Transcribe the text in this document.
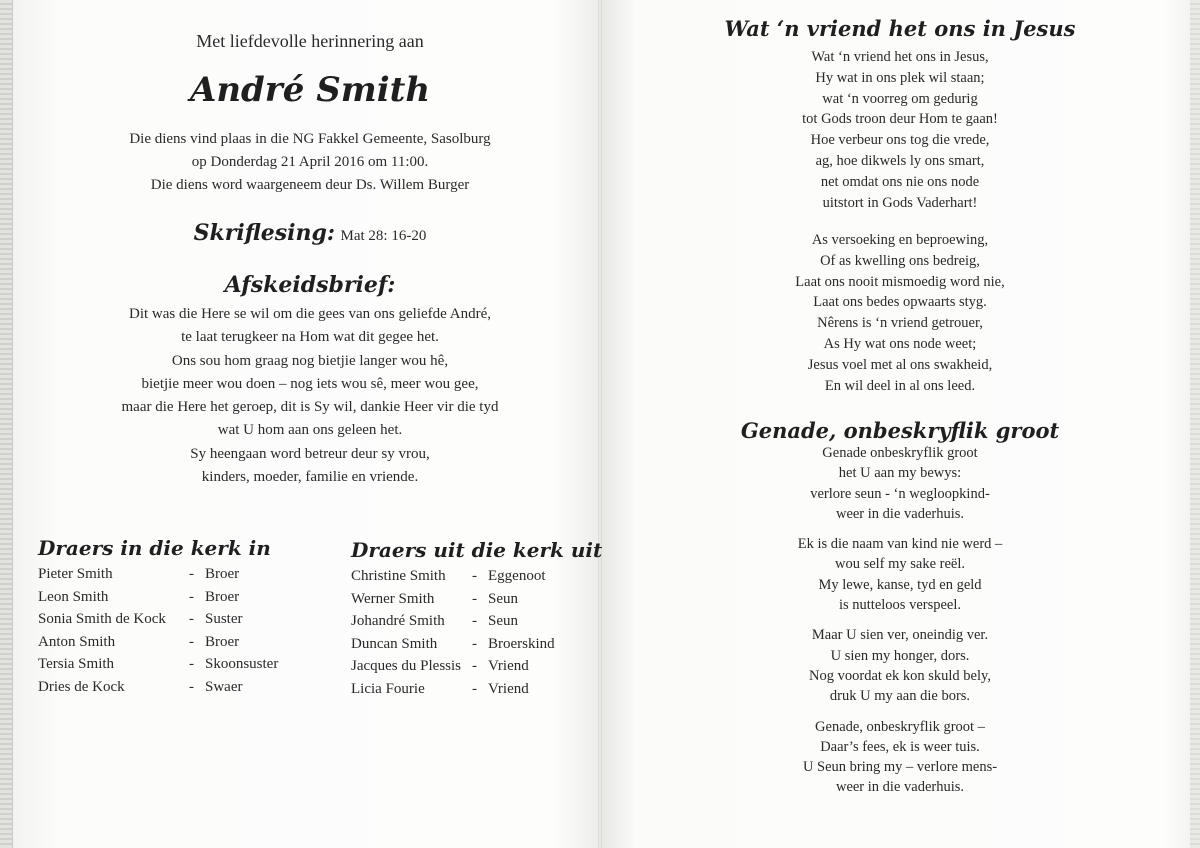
Met liefdevolle herinnering aan
André Smith
Die diens vind plaas in die NG Fakkel Gemeente, Sasolburg
op Donderdag 21 April 2016 om 11:00.
Die diens word waargeneem deur Ds. Willem Burger
Skriflesing: Mat 28: 16-20
Afskeidsbrief:
Dit was die Here se wil om die gees van ons geliefde André,
te laat terugkeer na Hom wat dit gegee het.
Ons sou hom graag nog bietjie langer wou hê,
bietjie meer wou doen – nog iets wou sê, meer wou gee,
maar die Here het geroep, dit is Sy wil, dankie Heer vir die tyd
wat U hom aan ons geleen het.
Sy heengaan word betreur deur sy vrou,
kinders, moeder, familie en vriende.
Draers in die kerk in
Pieter Smith	- Broer
Leon Smith	- Broer
Sonia Smith de Kock - Suster
Anton Smith	- Broer
Tersia Smith	- Skoonsuster
Dries de Kock	- Swaer
Draers uit die kerk uit
Christine Smith - Eggenoot
Werner Smith	- Seun
Johandré Smith - Seun
Duncan Smith - Broerskind
Jacques du Plessis - Vriend
Licia Fourie	- Vriend
Wat ‘n vriend het ons in Jesus
Wat ‘n vriend het ons in Jesus,
Hy wat in ons plek wil staan;
wat ‘n voorreg om gedurig
tot Gods troon deur Hom te gaan!
Hoe verbeur ons tog die vrede,
ag, hoe dikwels ly ons smart,
net omdat ons nie ons node
uitstort in Gods Vaderhart!
As versoeking en beproewing,
Of as kwelling ons bedreig,
Laat ons nooit mismoedig word nie,
Laat ons bedes opwaarts styg.
Nêrens is ‘n vriend getrouer,
As Hy wat ons node weet;
Jesus voel met al ons swakheid,
En wil deel in al ons leed.
Genade, onbeskryflik groot
Genade onbeskryflik groot
het U aan my bewys:
verlore seun - ‘n wegloopkind-
weer in die vaderhuis.
Ek is die naam van kind nie werd –
wou self my sake reël.
My lewe, kanse, tyd en geld
is nutteloos verspeel.
Maar U sien ver, oneindig ver.
U sien my honger, dors.
Nog voordat ek kon skuld bely,
druk U my aan die bors.
Genade, onbeskryflik groot –
Daar’s fees, ek is weer tuis.
U Seun bring my – verlore mens-
weer in die vaderhuis.
